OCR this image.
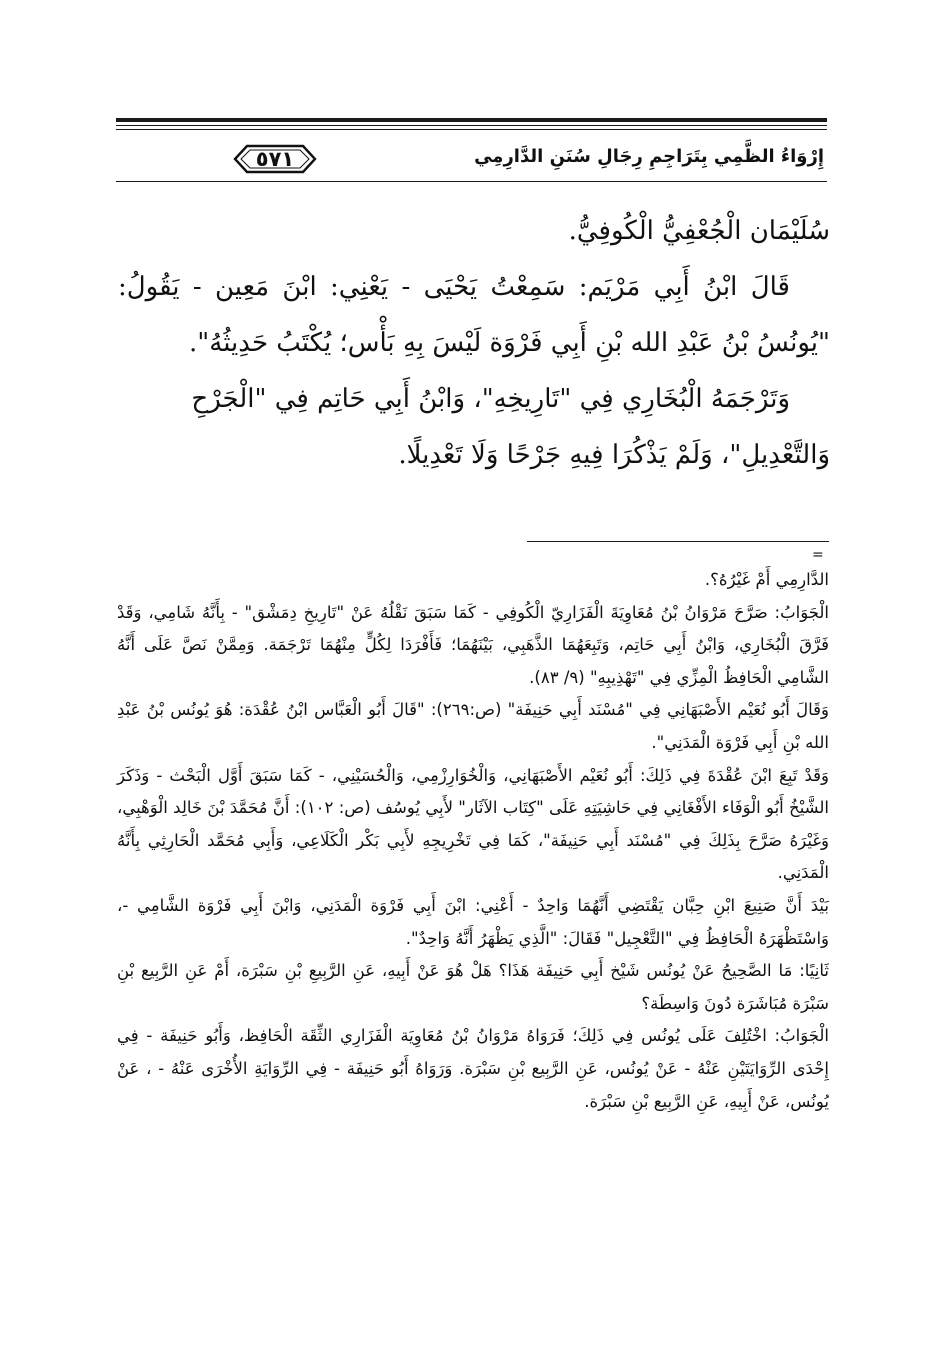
٥٧١	إِرْوَاءُ الظَّمِي بِتَرَاجِمِ رِجَالِ سُنَنِ الدَّارِمِي

سُلَيْمَان الْجُعْفِيُّ الْكُوفِيُّ.

قَالَ ابْنُ أَبِي مَرْيَم: سَمِعْتُ يَحْيَى - يَعْنِي: ابْنَ مَعِين - يَقُولُ: "يُونُسُ بْنُ عَبْدِ الله بْنِ أَبِي فَرْوَة لَيْسَ بِهِ بَأْس؛ يُكْتَبُ حَدِيثُهُ".

وَتَرْجَمَهُ الْبُخَارِي فِي "تَارِيخِهِ"، وَابْنُ أَبِي حَاتِم فِي "الْجَرْحِ وَالتَّعْدِيلِ"، وَلَمْ يَذْكُرَا فِيهِ جَرْحًا وَلَا تَعْدِيلًا.

=

الدَّارِمِي أَمْ غَيْرُهُ؟.

الْجَوَابُ: صَرَّحَ مَرْوَانُ بْنُ مُعَاوِيَةَ الْفَزَارِيّ الْكُوفِي - كَمَا سَبَقَ نَقْلُهُ عَنْ "تَارِيخِ دِمَشْق" - بِأَنَّهُ شَامِي، وَقَدْ فَرَّقَ الْبُخَارِي، وَابْنُ أَبِي حَاتِم، وَتَبِعَهُمَا الذَّهَبِي، بَيْنَهُمَا؛ فَأَفْرَدَا لِكُلٍّ مِنْهُمَا تَرْجَمَة. وَمِمَّنْ نَصَّ عَلَى أَنَّهُ الشَّامِي الْحَافِظُ الْمِزِّي فِي "تَهْذِيبِهِ" (٩/ ٨٣).

وَقَالَ أَبُو نُعَيْم الأَصْبَهَانِي فِي "مُسْنَد أَبِي حَنِيفَة" (ص:٢٦٩): "قَالَ أَبُو الْعَبَّاس ابْنُ عُقْدَة: هُوَ يُونُس بْنُ عَبْدِ الله بْنِ أَبِي فَرْوَة الْمَدَنِي".

وَقَدْ تَبِعَ ابْنَ عُقْدَةَ فِي ذَلِكَ: أَبُو نُعَيْم الأَصْبَهَانِي، وَالْخُوَارِزْمِي، وَالْحُسَيْنِي، - كَمَا سَبَقَ أَوَّل الْبَحْث - وَذَكَرَ الشَّيْخُ أَبُو الْوَفَاء الأَفْغَانِي فِي حَاشِيَتِهِ عَلَى "كِتَاب الآثَار" لأَبِي يُوسُف (ص: ١٠٢): أَنَّ مُحَمَّدَ بْنَ خَالِد الْوَهْبِي، وَغَيْرَهُ صَرَّحَ بِذَلِكَ فِي "مُسْنَد أَبِي حَنِيفَة"، كَمَا فِي تَخْرِيجِهِ لأَبِي بَكْر الْكَلَاعِي، وَأَبِي مُحَمَّد الْحَارِثِي بِأَنَّهُ الْمَدَنِي.

بَيْدَ أَنَّ صَنِيعَ ابْنِ حِبَّان يَقْتَضِي أَنَّهُمَا وَاحِدٌ - أَعْنِي: ابْنَ أَبِي فَرْوَة الْمَدَنِي، وَابْنَ أَبِي فَرْوَة الشَّامِي -، وَاسْتَظْهَرَهُ الْحَافِظُ فِي "التَّعْجِيل" فَقَالَ: "الَّذِي يَظْهَرُ أَنَّهُ وَاحِدٌ".

ثَانِيًا: مَا الصَّحِيحُ عَنْ يُونُس شَيْخ أَبِي حَنِيفَة هَذَا؟ هَلْ هُوَ عَنْ أَبِيهِ، عَنِ الرَّبِيعِ بْنِ سَبْرَة، أَمْ عَنِ الرَّبِيع بْنِ سَبْرَة مُبَاشَرَة دُونَ وَاسِطَة؟

الْجَوَابُ: اخْتُلِفَ عَلَى يُونُس فِي ذَلِكَ؛ فَرَوَاهُ مَرْوَانُ بْنُ مُعَاوِيَة الْفَزَارِي الثِّقَة الْحَافِظ، وَأَبُو حَنِيفَة - فِي إِحْدَى الرِّوَايَتَيْنِ عَنْهُ - عَنْ يُونُس، عَنِ الرَّبِيع بْنِ سَبْرَة. وَرَوَاهُ أَبُو حَنِيفَة - فِي الرِّوَايَةِ الأُخْرَى عَنْهُ - ، عَنْ يُونُس، عَنْ أَبِيهِ، عَنِ الرَّبِيع بْنِ سَبْرَة.
